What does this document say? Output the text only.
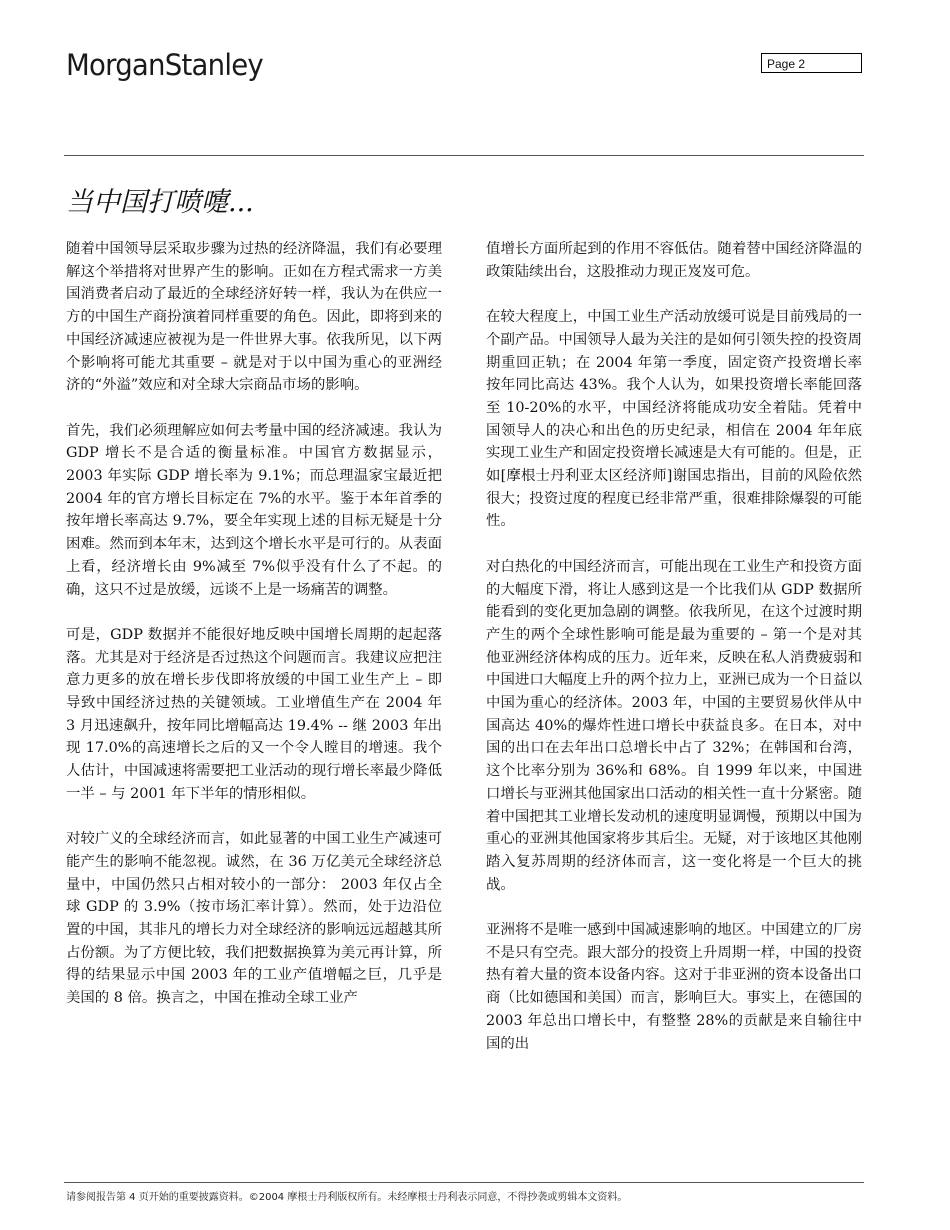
MorganStanley	Page 2
当中国打喷嚏...

随着中国领导层采取步骤为过热的经济降温，我们有必要理解这个举措将对世界产生的影响。正如在方程式需求一方美国消费者启动了最近的全球经济好转一样，我认为在供应一方的中国生产商扮演着同样重要的角色。因此，即将到来的中国经济减速应被视为是一件世界大事。依我所见，以下两个影响将可能尤其重要 – 就是对于以中国为重心的亚洲经济的“外溢”效应和对全球大宗商品市场的影响。

首先，我们必须理解应如何去考量中国的经济减速。我认为 GDP 增长不是合适的衡量标准。中国官方数据显示，2003 年实际 GDP 增长率为 9.1%；而总理温家宝最近把 2004 年的官方增长目标定在 7%的水平。鉴于本年首季的按年增长率高达 9.7%，要全年实现上述的目标无疑是十分困难。然而到本年末，达到这个增长水平是可行的。从表面上看，经济增长由 9%减至 7%似乎没有什么了不起。的确，这只不过是放缓，远谈不上是一场痛苦的调整。

可是，GDP 数据并不能很好地反映中国增长周期的起起落落。尤其是对于经济是否过热这个问题而言。我建议应把注意力更多的放在增长步伐即将放缓的中国工业生产上 – 即导致中国经济过热的关键领域。工业增值生产在 2004 年 3 月迅速飙升，按年同比增幅高达 19.4% -- 继 2003 年出现 17.0%的高速增长之后的又一个令人瞠目的增速。我个人估计，中国减速将需要把工业活动的现行增长率最少降低一半 – 与 2001 年下半年的情形相似。

对较广义的全球经济而言，如此显著的中国工业生产减速可能产生的影响不能忽视。诚然，在 36 万亿美元全球经济总量中，中国仍然只占相对较小的一部分： 2003 年仅占全球 GDP 的 3.9%（按市场汇率计算）。然而，处于边沿位置的中国，其非凡的增长力对全球经济的影响远远超越其所占份额。为了方便比较，我们把数据换算为美元再计算，所得的结果显示中国 2003 年的工业产值增幅之巨，几乎是美国的 8 倍。换言之，中国在推动全球工业产

值增长方面所起到的作用不容低估。随着替中国经济降温的政策陆续出台，这股推动力现正岌岌可危。

在较大程度上，中国工业生产活动放缓可说是目前残局的一个副产品。中国领导人最为关注的是如何引领失控的投资周期重回正轨；在 2004 年第一季度，固定资产投资增长率按年同比高达 43%。我个人认为，如果投资增长率能回落至 10-20%的水平，中国经济将能成功安全着陆。凭着中国领导人的决心和出色的历史纪录，相信在 2004 年年底实现工业生产和固定投资增长减速是大有可能的。但是，正如[摩根士丹利亚太区经济师]谢国忠指出，目前的风险依然很大；投资过度的程度已经非常严重，很难排除爆裂的可能性。

对白热化的中国经济而言，可能出现在工业生产和投资方面的大幅度下滑，将让人感到这是一个比我们从 GDP 数据所能看到的变化更加急剧的调整。依我所见，在这个过渡时期产生的两个全球性影响可能是最为重要的 – 第一个是对其他亚洲经济体构成的压力。近年来，反映在私人消费疲弱和中国进口大幅度上升的两个拉力上，亚洲已成为一个日益以中国为重心的经济体。2003 年，中国的主要贸易伙伴从中国高达 40%的爆炸性进口增长中获益良多。在日本，对中国的出口在去年出口总增长中占了 32%；在韩国和台湾，这个比率分别为 36%和 68%。自 1999 年以来，中国进口增长与亚洲其他国家出口活动的相关性一直十分紧密。随着中国把其工业增长发动机的速度明显调慢，预期以中国为重心的亚洲其他国家将步其后尘。无疑，对于该地区其他刚踏入复苏周期的经济体而言，这一变化将是一个巨大的挑战。

亚洲将不是唯一感到中国减速影响的地区。中国建立的厂房不是只有空壳。跟大部分的投资上升周期一样，中国的投资热有着大量的资本设备内容。这对于非亚洲的资本设备出口商（比如德国和美国）而言，影响巨大。事实上，在德国的 2003 年总出口增长中，有整整 28%的贡献是来自输往中国的出

请参阅报告第 4 页开始的重要披露资料。©2004 摩根士丹利版权所有。未经摩根士丹利表示同意，不得抄袭或剪辑本文资料。
